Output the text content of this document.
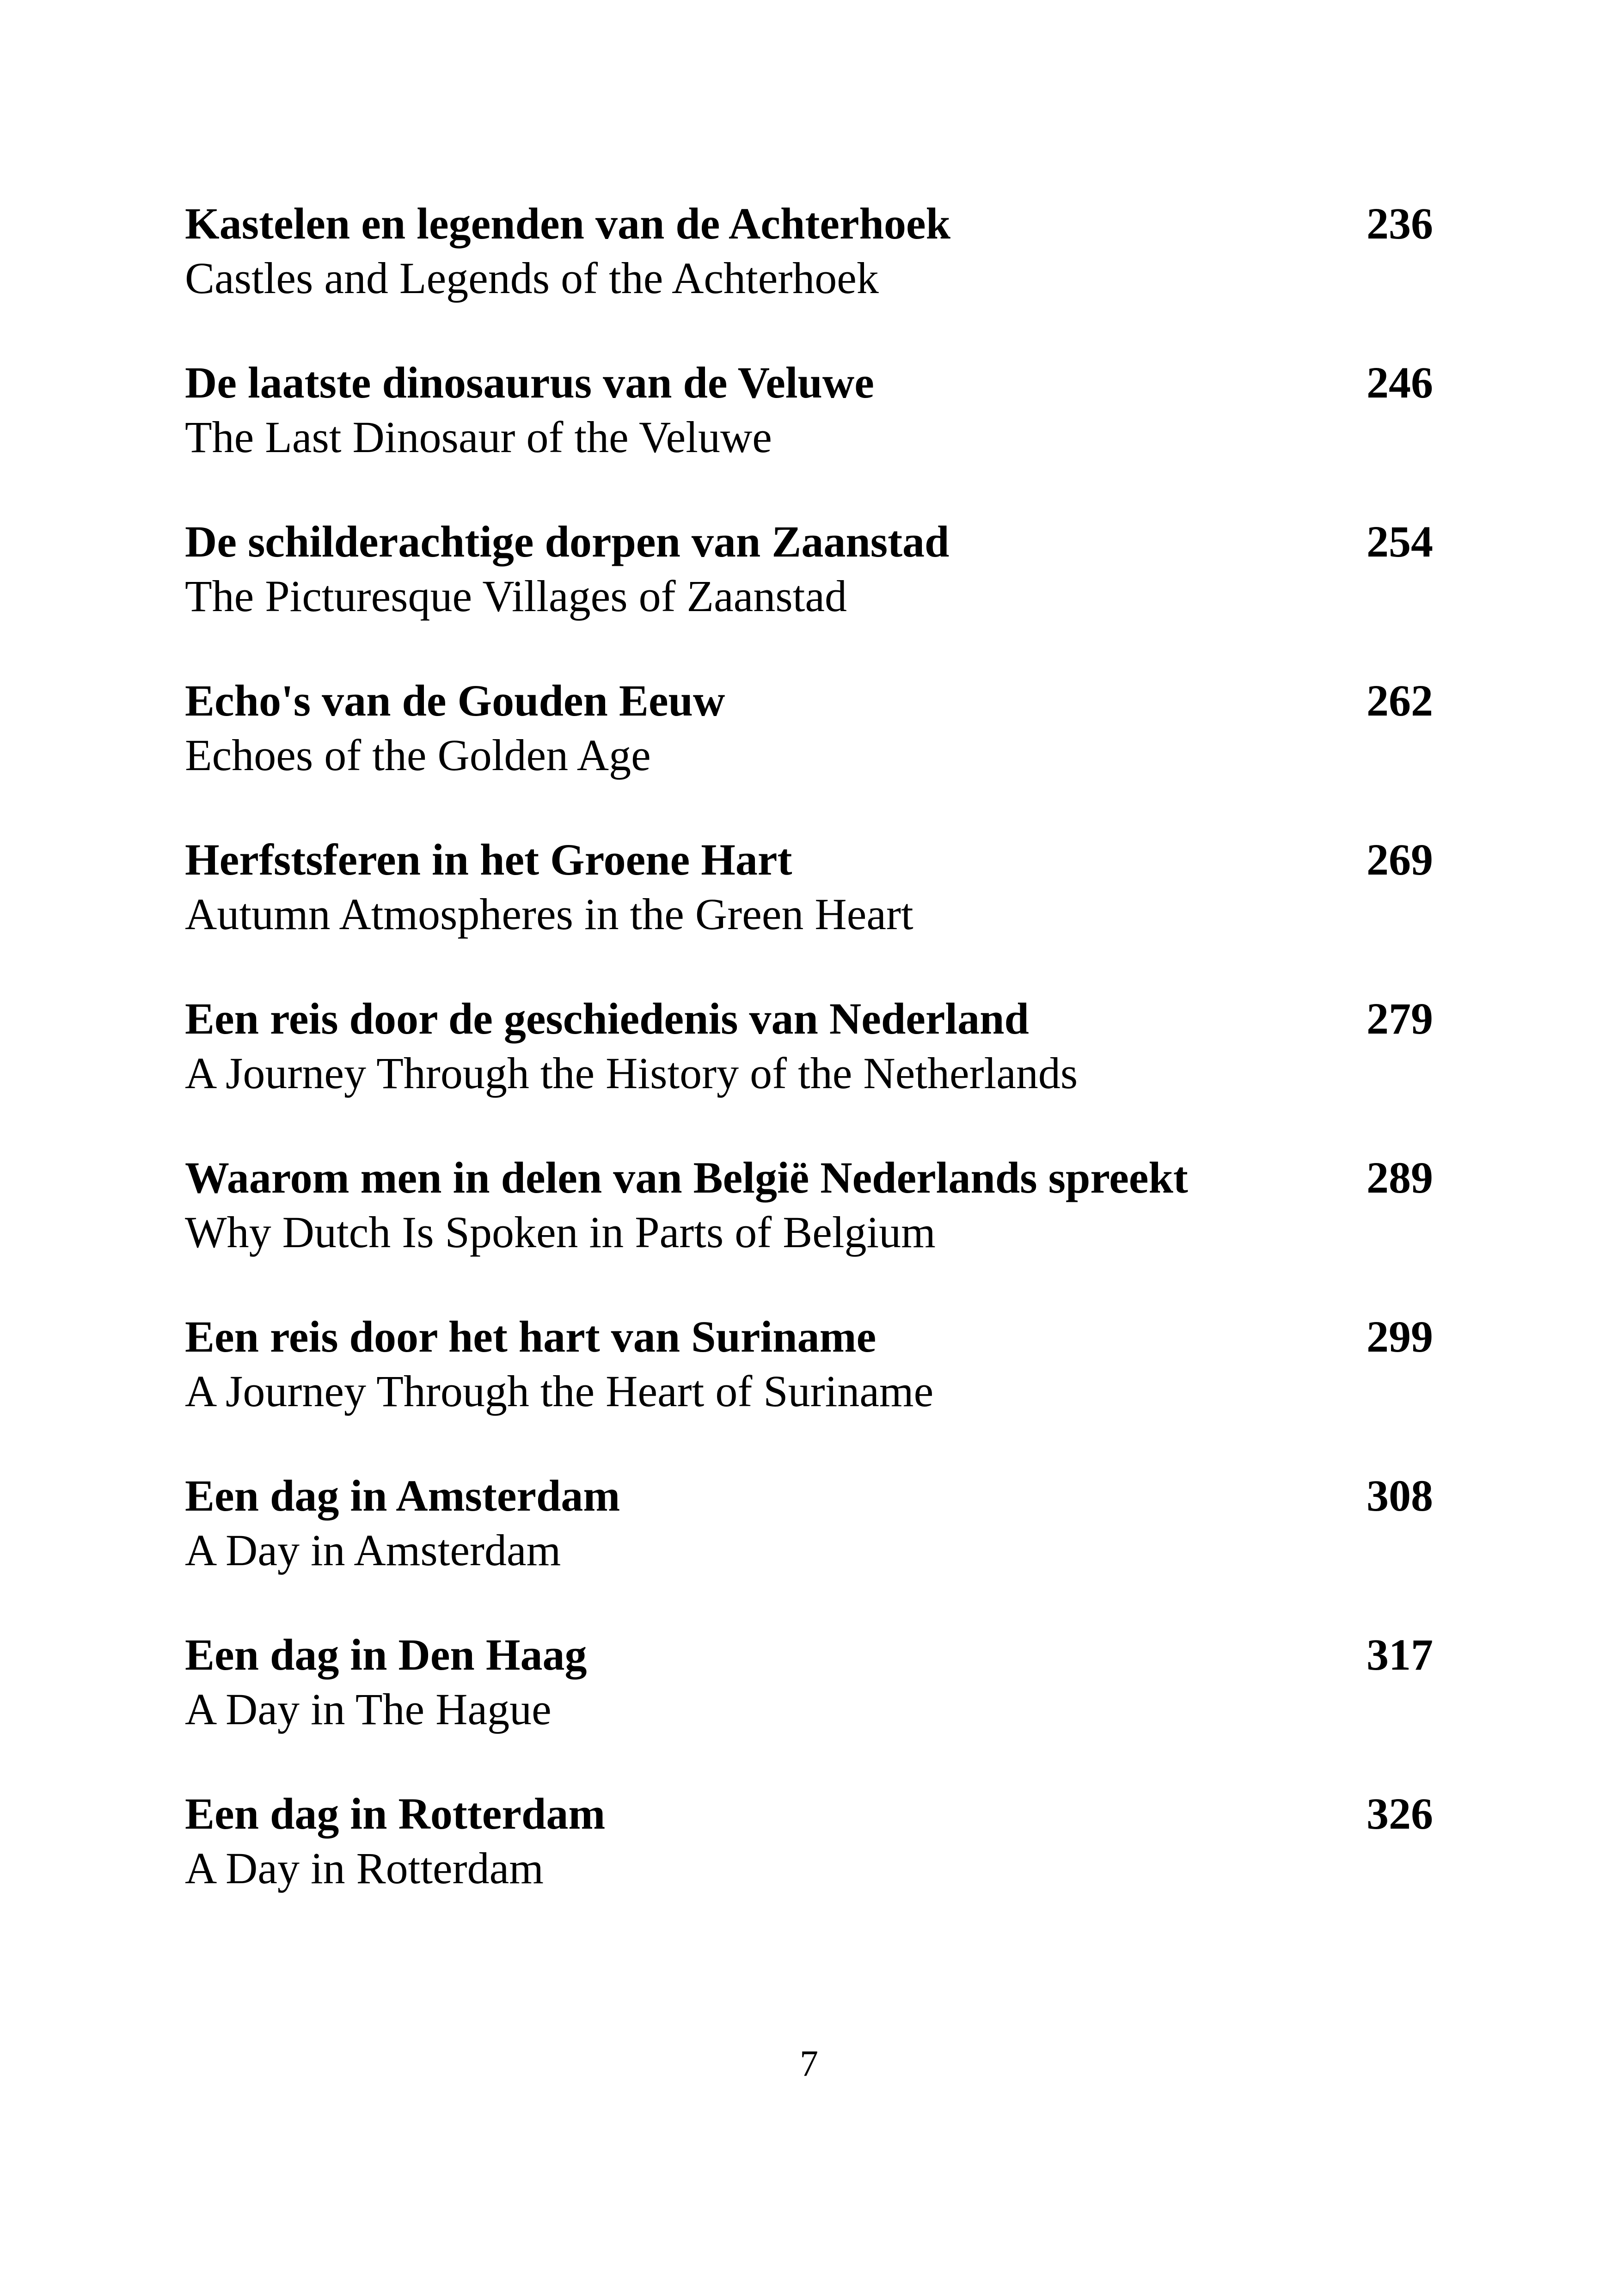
Kastelen en legenden van de Achterhoek
Castles and Legends of the Achterhoek
236
De laatste dinosaurus van de Veluwe
The Last Dinosaur of the Veluwe
246
De schilderachtige dorpen van Zaanstad
The Picturesque Villages of Zaanstad
254
Echo's van de Gouden Eeuw
Echoes of the Golden Age
262
Herfstsferen in het Groene Hart
Autumn Atmospheres in the Green Heart
269
Een reis door de geschiedenis van Nederland
A Journey Through the History of the Netherlands
279
Waarom men in delen van België Nederlands spreekt
Why Dutch Is Spoken in Parts of Belgium
289
Een reis door het hart van Suriname
A Journey Through the Heart of Suriname
299
Een dag in Amsterdam
A Day in Amsterdam
308
Een dag in Den Haag
A Day in The Hague
317
Een dag in Rotterdam
A Day in Rotterdam
326
7
